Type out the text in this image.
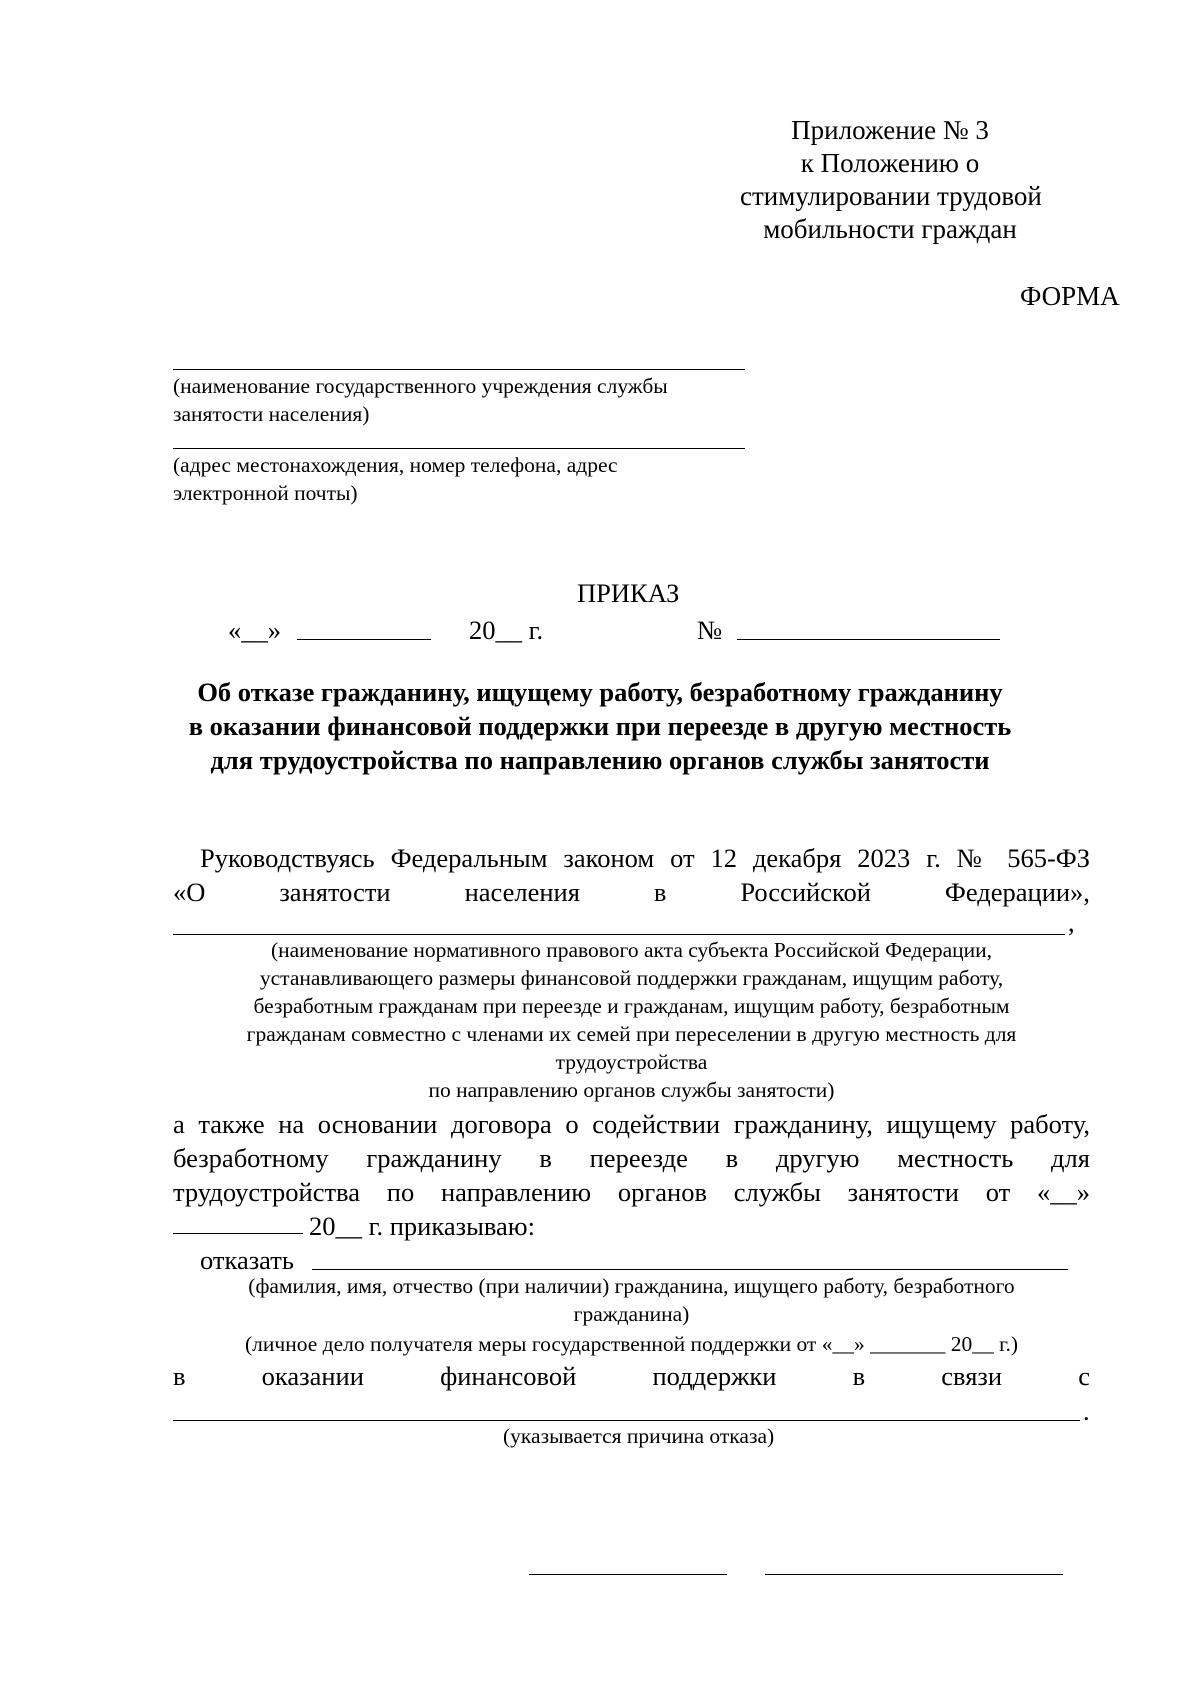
Приложение № 3
к Положению о
стимулировании трудовой
мобильности граждан
ФОРМА
(наименование государственного учреждения службы
занятости населения)
(адрес местонахождения, номер телефона, адрес
электронной почты)
ПРИКАЗ
«__»	20__ г.	№
Об отказе гражданину, ищущему работу, безработному гражданину
в оказании финансовой поддержки при переезде в другую местность
для трудоустройства по направлению органов службы занятости
Руководствуясь Федеральным законом от 12 декабря 2023 г. № 565-ФЗ
«О	занятости	населения	в	Российской	Федерации»,
,
(наименование нормативного правового акта субъекта Российской Федерации,
устанавливающего размеры финансовой поддержки гражданам, ищущим работу,
безработным гражданам при переезде и гражданам, ищущим работу, безработным
гражданам совместно с членами их семей при переселении в другую местность для
трудоустройства
по направлению органов службы занятости)
а также на основании договора о содействии гражданину, ищущему работу,
безработному гражданину в переезде в другую местность для
трудоустройства по направлению органов службы занятости от «__»
20__ г. приказываю:
отказать
(фамилия, имя, отчество (при наличии) гражданина, ищущего работу, безработного
гражданина)
(личное дело получателя меры государственной поддержки от «__» _______ 20__ г.)
в	оказании	финансовой	поддержки	в	связи	с
.
(указывается причина отказа)
